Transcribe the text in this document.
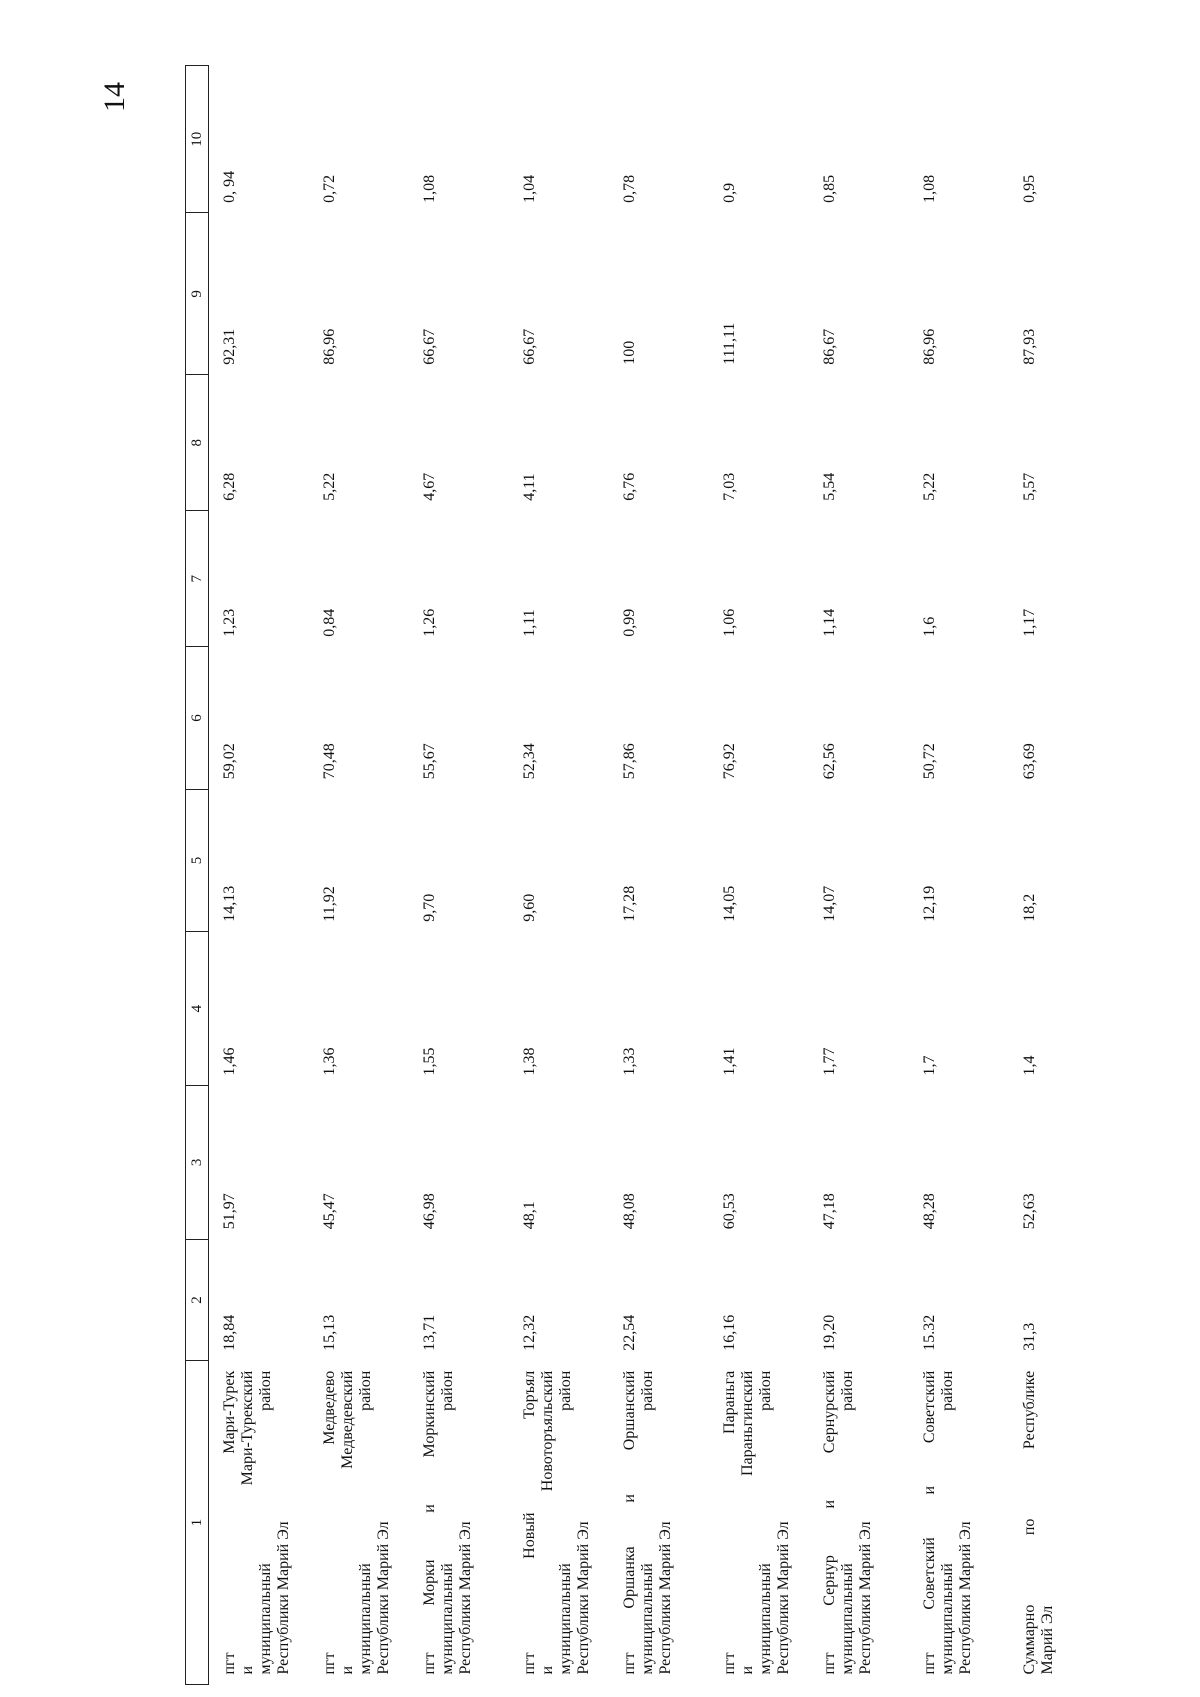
14
1	2	3	4	5	6	7	8	9	10

пгт Мари-Турек и Мари-Турекский муниципальный район Республики Марий Эл	18,84	51,97	1,46	14,13	59,02	1,23	6,28	92,31	0, 94

пгт Медведево и Медведевский муниципальный район Республики Марий Эл	15,13	45,47	1,36	11,92	70,48	0,84	5,22	86,96	0,72

пгт Морки и Моркинский муниципальный район Республики Марий Эл	13,71	46,98	1,55	9,70	55,67	1,26	4,67	66,67	1,08

пгт Новый Торъял и Новоторъяльский муниципальный район Республики Марий Эл	12,32	48,1	1,38	9,60	52,34	1,11	4,11	66,67	1,04

пгт Оршанка и Оршанский муниципальный район Республики Марий Эл	22,54	48,08	1,33	17,28	57,86	0,99	6,76	100	0,78

пгт Параньга и Параньгинский муниципальный район Республики Марий Эл	16,16	60,53	1,41	14,05	76,92	1,06	7,03	111,11	0,9

пгт Сернур и Сернурский муниципальный район Республики Марий Эл	19,20	47,18	1,77	14,07	62,56	1,14	5,54	86,67	0,85

пгт Советский и Советский муниципальный район Республики Марий Эл	15.32	48,28	1,7	12,19	50,72	1,6	5,22	86,96	1,08

Суммарно по Республике Марий Эл	31,3	52,63	1,4	18,2	63,69	1,17	5,57	87,93	0,95
